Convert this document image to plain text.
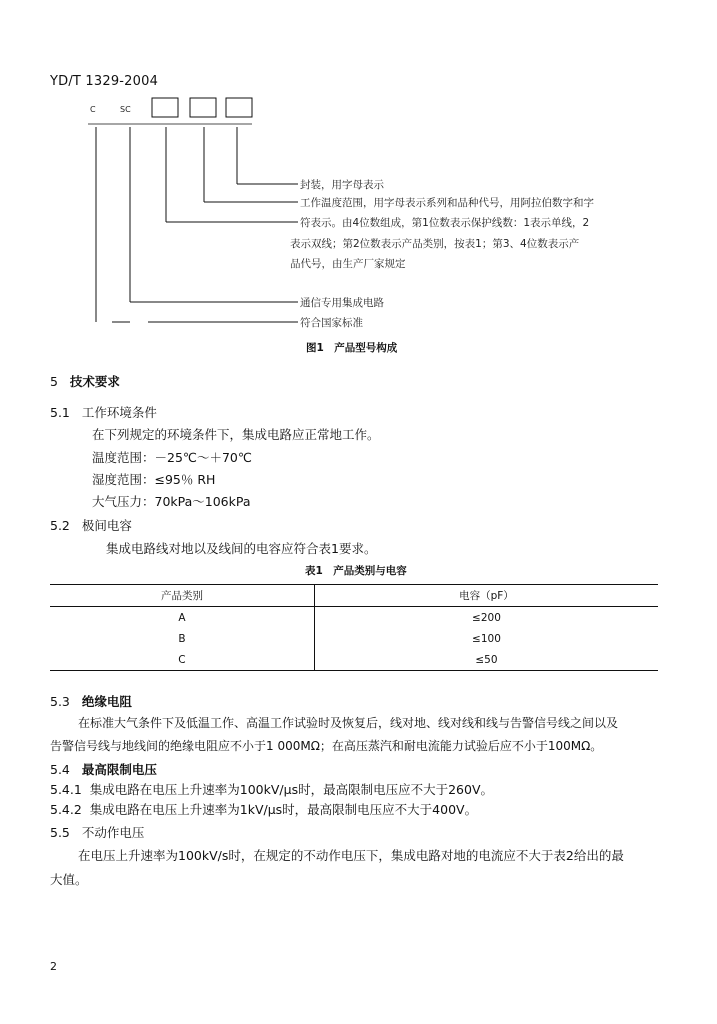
YD/T 1329-2004
C	SC
封装，用字母表示
工作温度范围，用字母表示系列和品种代号，用阿拉伯数字和字
符表示。由4位数组成，第1位数表示保护线数：1表示单线，2
表示双线；第2位数表示产品类别，按表1；第3、4位数表示产
品代号，由生产厂家规定
通信专用集成电路
符合国家标准
图1　产品型号构成
5 技术要求
5.1 工作环境条件
在下列规定的环境条件下，集成电路应正常地工作。
温度范围：－25℃～＋70℃
湿度范围：≤95％ RH
大气压力：70kPa～106kPa
5.2 极间电容
集成电路线对地以及线间的电容应符合表1要求。
表1　产品类别与电容
产品类别	电容（pF）
A	≤200
B	≤100
C	≤50
5.3 绝缘电阻
在标准大气条件下及低温工作、高温工作试验时及恢复后，线对地、线对线和线与告警信号线之间以及
告警信号线与地线间的绝缘电阻应不小于1 000MΩ；在高压蒸汽和耐电流能力试验后应不小于100MΩ。
5.4 最高限制电压
5.4.1 集成电路在电压上升速率为100kV/μs时，最高限制电压应不大于260V。
5.4.2 集成电路在电压上升速率为1kV/μs时，最高限制电压应不大于400V。
5.5 不动作电压
在电压上升速率为100kV/s时，在规定的不动作电压下，集成电路对地的电流应不大于表2给出的最
大值。
2
